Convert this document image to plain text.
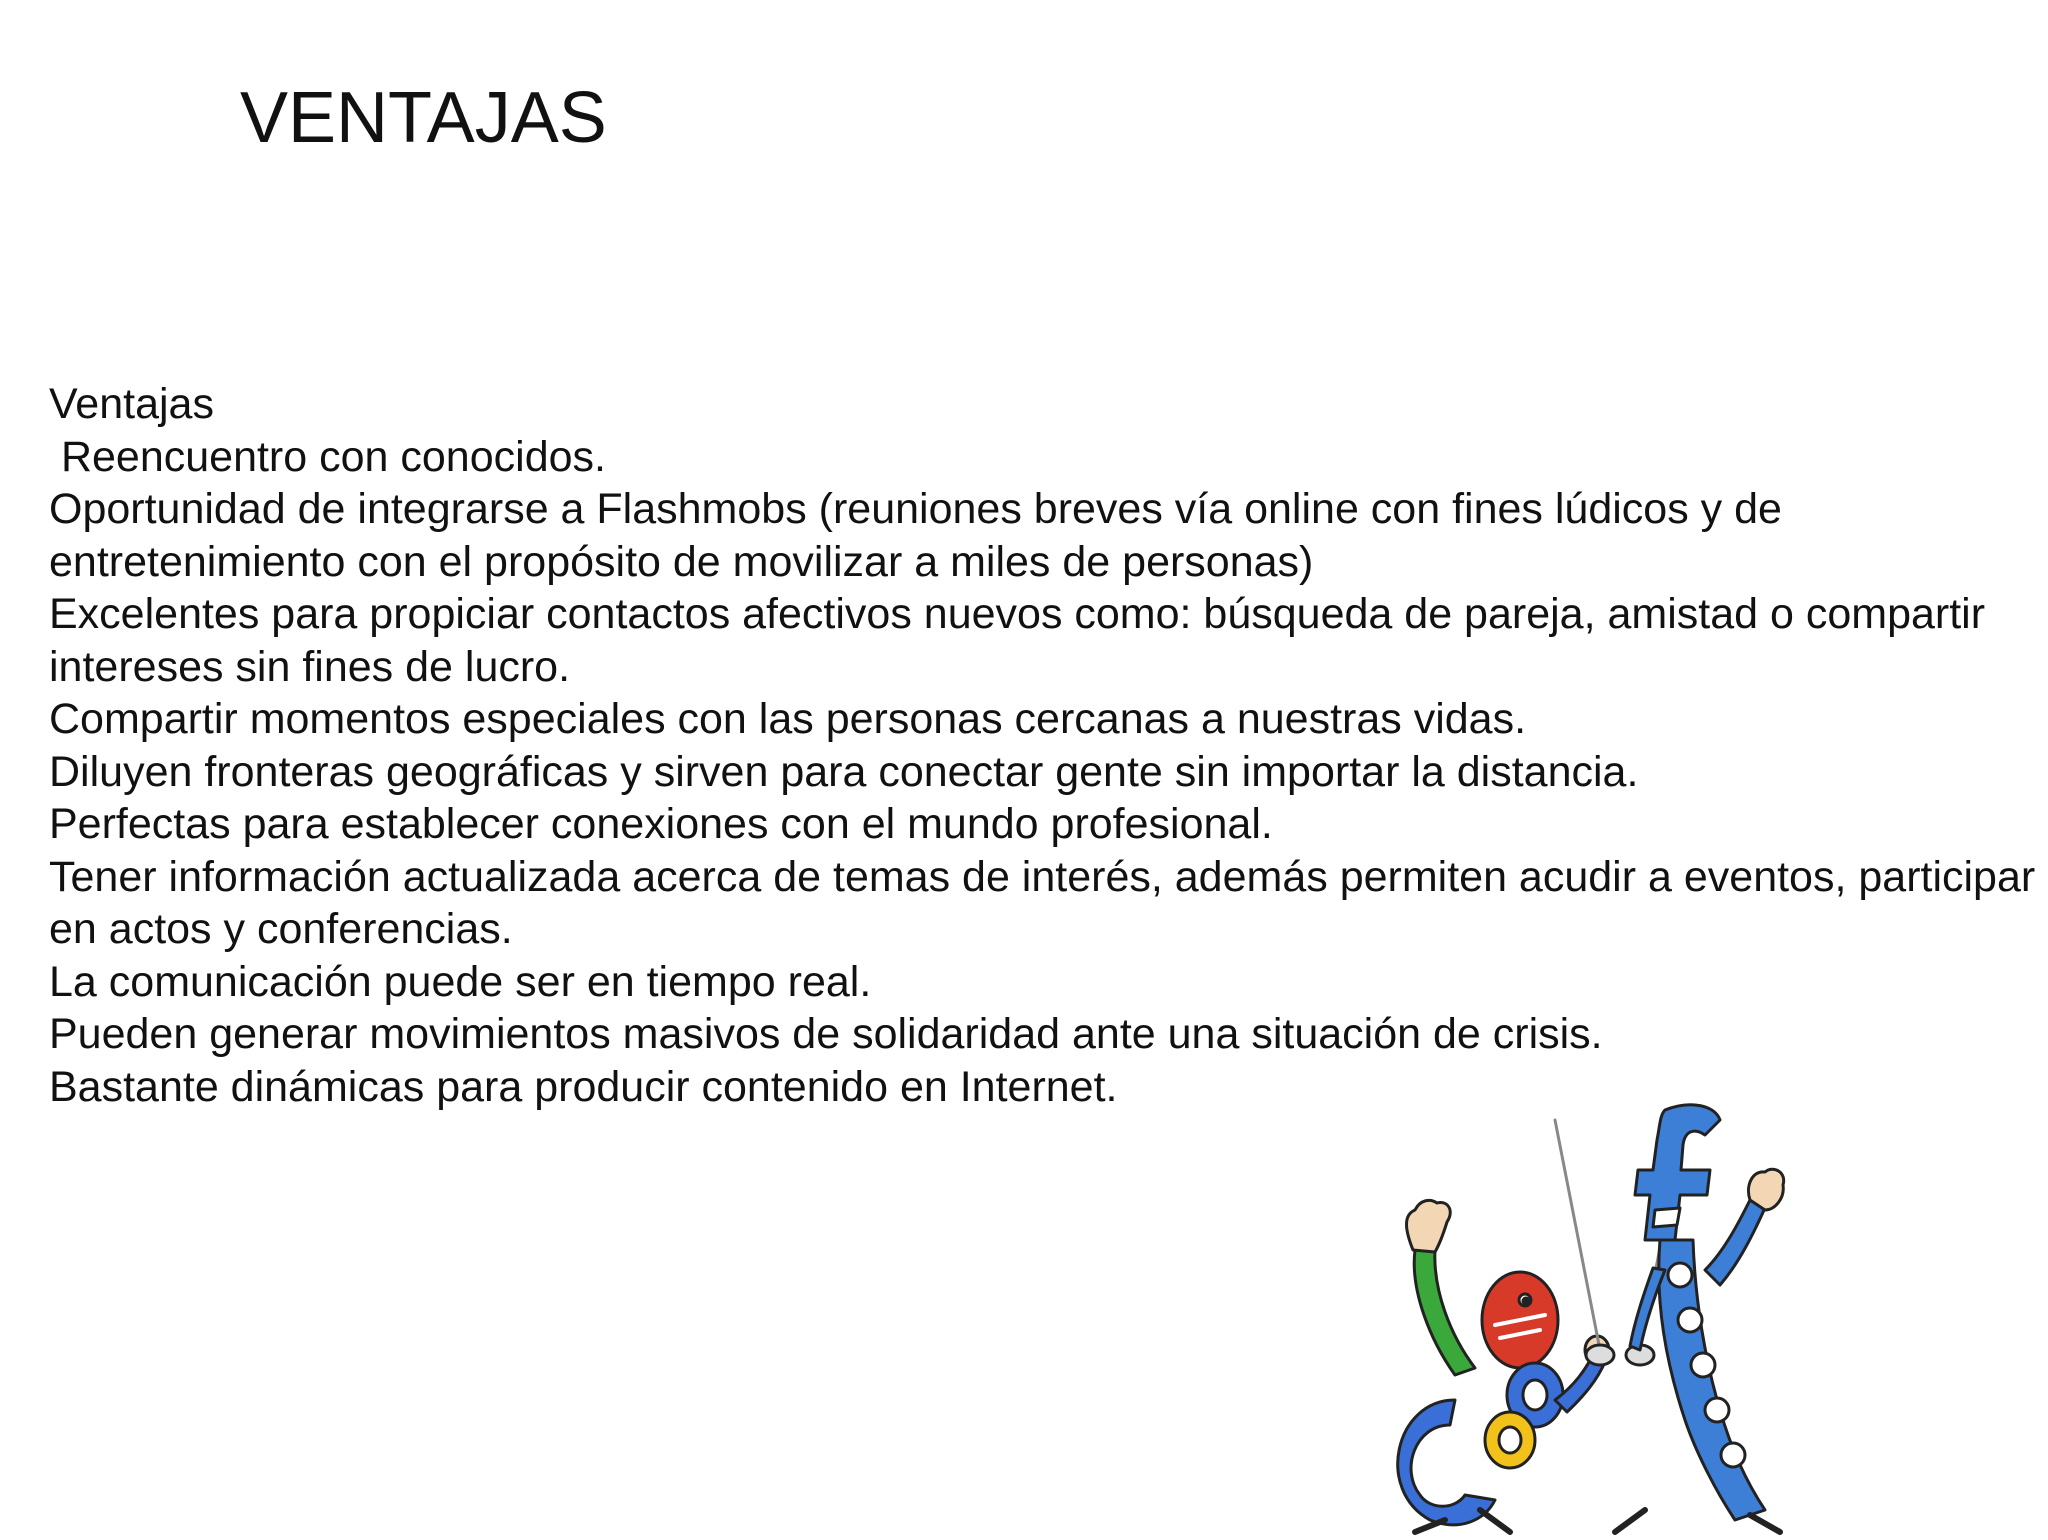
VENTAJAS
Ventajas
Reencuentro con conocidos.
Oportunidad de integrarse a Flashmobs (reuniones breves vía online con fines lúdicos y de entretenimiento con el propósito de movilizar a miles de personas)
Excelentes para propiciar contactos afectivos nuevos como: búsqueda de pareja, amistad o compartir intereses sin fines de lucro.
Compartir momentos especiales con las personas cercanas a nuestras vidas.
Diluyen fronteras geográficas y sirven para conectar gente sin importar la distancia.
Perfectas para establecer conexiones con el mundo profesional.
Tener información actualizada acerca de temas de interés, además permiten acudir a eventos, participar en actos y conferencias.
La comunicación puede ser en tiempo real.
Pueden generar movimientos masivos de solidaridad ante una situación de crisis.
Bastante dinámicas para producir contenido en Internet.
